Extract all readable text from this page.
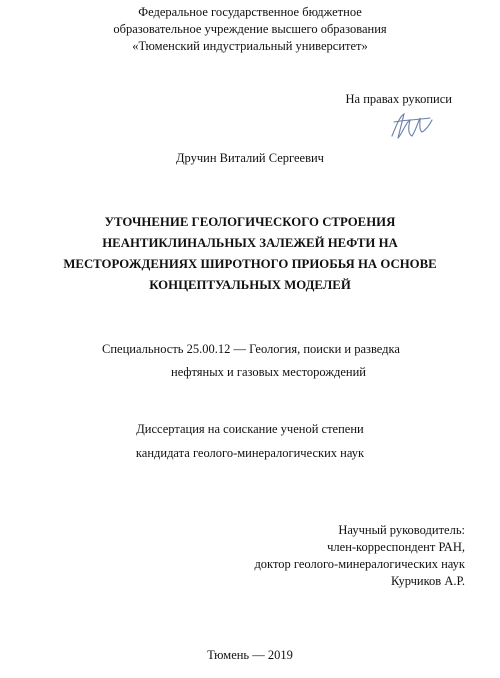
Федеральное государственное бюджетное
образовательное учреждение высшего образования
«Тюменский индустриальный университет»
На правах рукописи
Дручин Виталий Сергеевич
УТОЧНЕНИЕ ГЕОЛОГИЧЕСКОГО СТРОЕНИЯ
НЕАНТИКЛИНАЛЬНЫХ ЗАЛЕЖЕЙ НЕФТИ НА
МЕСТОРОЖДЕНИЯХ ШИРОТНОГО ПРИОБЬЯ НА ОСНОВЕ
КОНЦЕПТУАЛЬНЫХ МОДЕЛЕЙ
Специальность 25.00.12 — Геология, поиски и разведка
нефтяных и газовых месторождений
Диссертация на соискание ученой степени
кандидата геолого-минералогических наук
Научный руководитель:
член-корреспондент РАН,
доктор геолого-минералогических наук
Курчиков А.Р.
Тюмень — 2019
